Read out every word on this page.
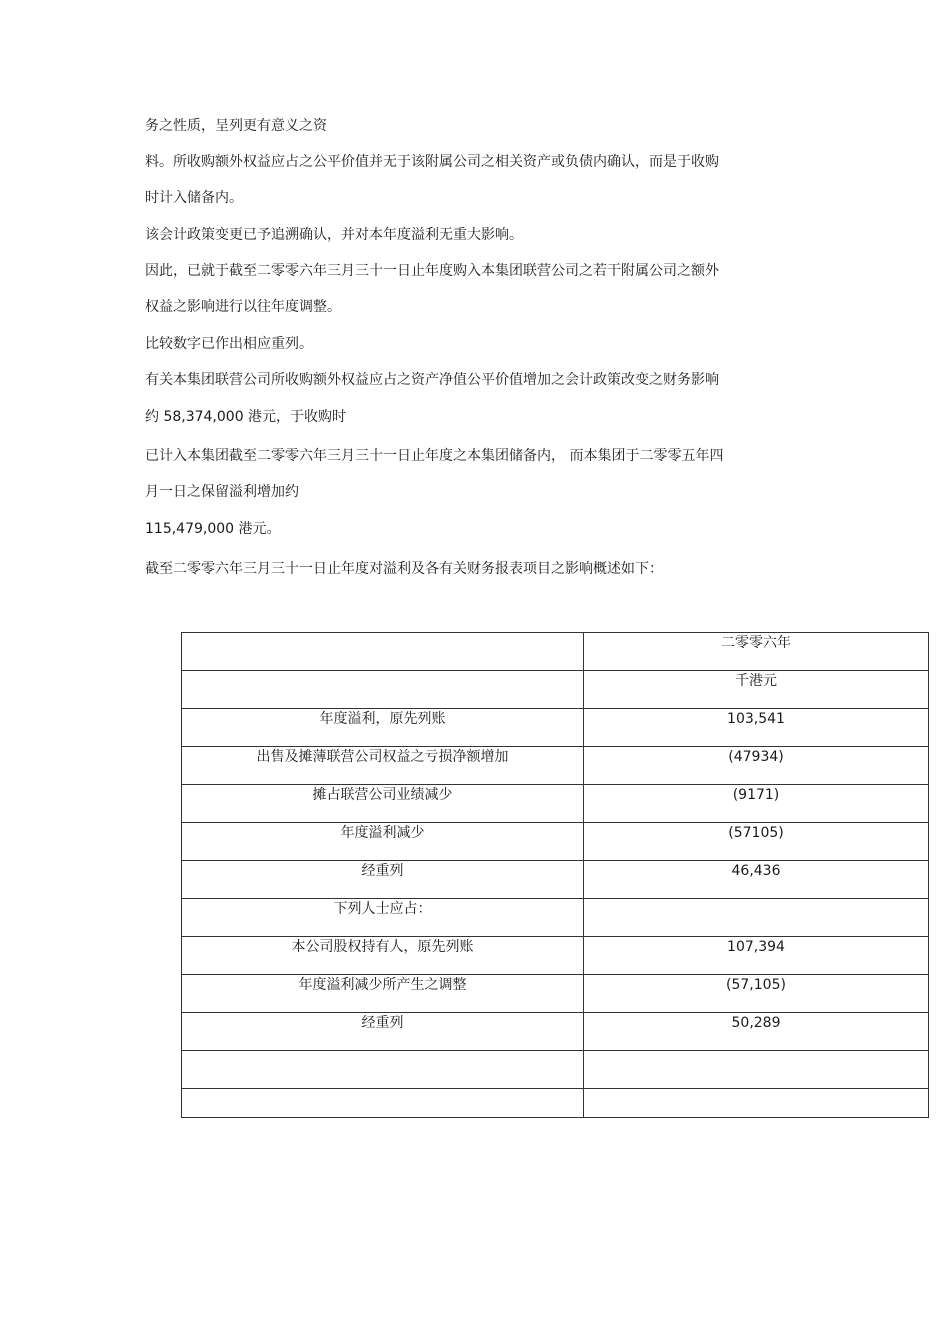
务之性质，呈列更有意义之资

料。所收购额外权益应占之公平价值并无于该附属公司之相关资产或负债内确认，而是于收购

时计入储备内。

该会计政策变更已予追溯确认，并对本年度溢利无重大影响。

因此，已就于截至二零零六年三月三十一日止年度购入本集团联营公司之若干附属公司之额外

权益之影响进行以往年度调整。

比较数字已作出相应重列。

有关本集团联营公司所收购额外权益应占之资产净值公平价值增加之会计政策改变之财务影响

约 58,374,000 港元，于收购时

已计入本集团截至二零零六年三月三十一日止年度之本集团储备内， 而本集团于二零零五年四

月一日之保留溢利增加约

115,479,000 港元。

截至二零零六年三月三十一日止年度对溢利及各有关财务报表项目之影响概述如下：

	二零零六年
	千港元
年度溢利，原先列账	103,541
出售及摊薄联营公司权益之亏损净额增加	(47934)
摊占联营公司业绩减少	(9171)
年度溢利减少	(57105)
经重列	46,436
下列人士应占：	
本公司股权持有人，原先列账	107,394
年度溢利减少所产生之调整	(57,105)
经重列	50,289
